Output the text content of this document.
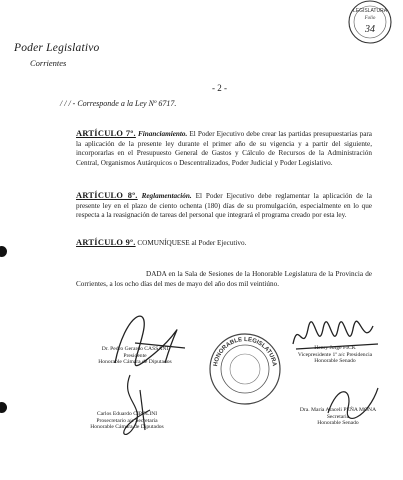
LEGISLATURA
Folio
34
Poder Legislativo
Corrientes
- 2 -
/ / / - Corresponde a la Ley Nº 6717.
ARTÍCULO 7º. Financiamiento. El Poder Ejecutivo debe crear las partidas presupuestarias para la aplicación de la presente ley durante el primer año de su vigencia y a partir del siguiente, incorporarlas en el Presupuesto General de Gastos y Cálculo de Recursos de la Administración Central, Organismos Autárquicos o Descentralizados, Poder Judicial y Poder Legislativo.
ARTÍCULO 8º. Reglamentación. El Poder Ejecutivo debe reglamentar la aplicación de la presente ley en el plazo de ciento ochenta (180) días de su promulgación, especialmente en lo que respecta a la reasignación de tareas del personal que integrará el programa creado por esta ley.
ARTÍCULO 9º. COMUNÍQUESE al Poder Ejecutivo.
DADA en la Sala de Sesiones de la Honorable Legislatura de la Provincia de Corrientes, a los ocho días del mes de mayo del año dos mil veintiúno.
HONORABLE LEGISLATURA
Dr. Pedro Gerardo CASSANI
Presidente
Honorable Cámara de Diputados
Carlos Eduardo CIPOLINI
Prosecretario a/c Secretaría
Honorable Cámara de Diputados
Henry Jorge FICK
Vicepresidente 1º a/c Presidencia
Honorable Senado
Dra. María Araceli PEÑA MONA
Secretaria
Honorable Senado
